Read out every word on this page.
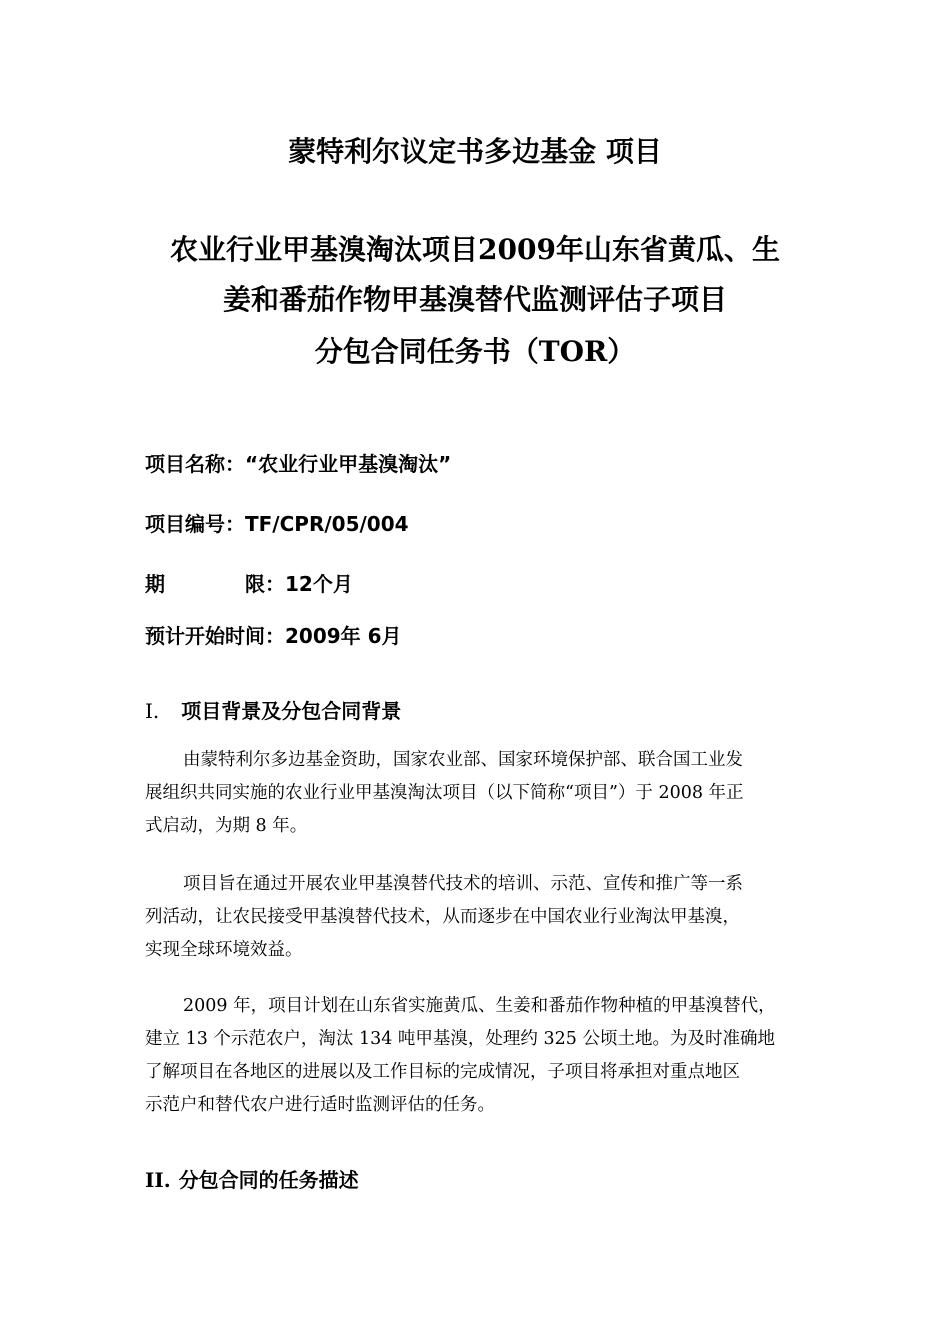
蒙特利尔议定书多边基金 项目
农业行业甲基溴淘汰项目2009年山东省黄瓜、生
姜和番茄作物甲基溴替代监测评估子项目
分包合同任务书（TOR）
项目名称：“农业行业甲基溴淘汰”
项目编号：TF/CPR/05/004
期	限：12个月
预计开始时间：2009年 6月
I. 项目背景及分包合同背景
由蒙特利尔多边基金资助，国家农业部、国家环境保护部、联合国工业发
展组织共同实施的农业行业甲基溴淘汰项目（以下简称“项目”）于 2008 年正
式启动，为期 8 年。
项目旨在通过开展农业甲基溴替代技术的培训、示范、宣传和推广等一系
列活动，让农民接受甲基溴替代技术，从而逐步在中国农业行业淘汰甲基溴，
实现全球环境效益。
2009 年，项目计划在山东省实施黄瓜、生姜和番茄作物种植的甲基溴替代，
建立 13 个示范农户，淘汰 134 吨甲基溴，处理约 325 公顷土地。为及时准确地
了解项目在各地区的进展以及工作目标的完成情况，子项目将承担对重点地区
示范户和替代农户进行适时监测评估的任务。
II. 分包合同的任务描述
